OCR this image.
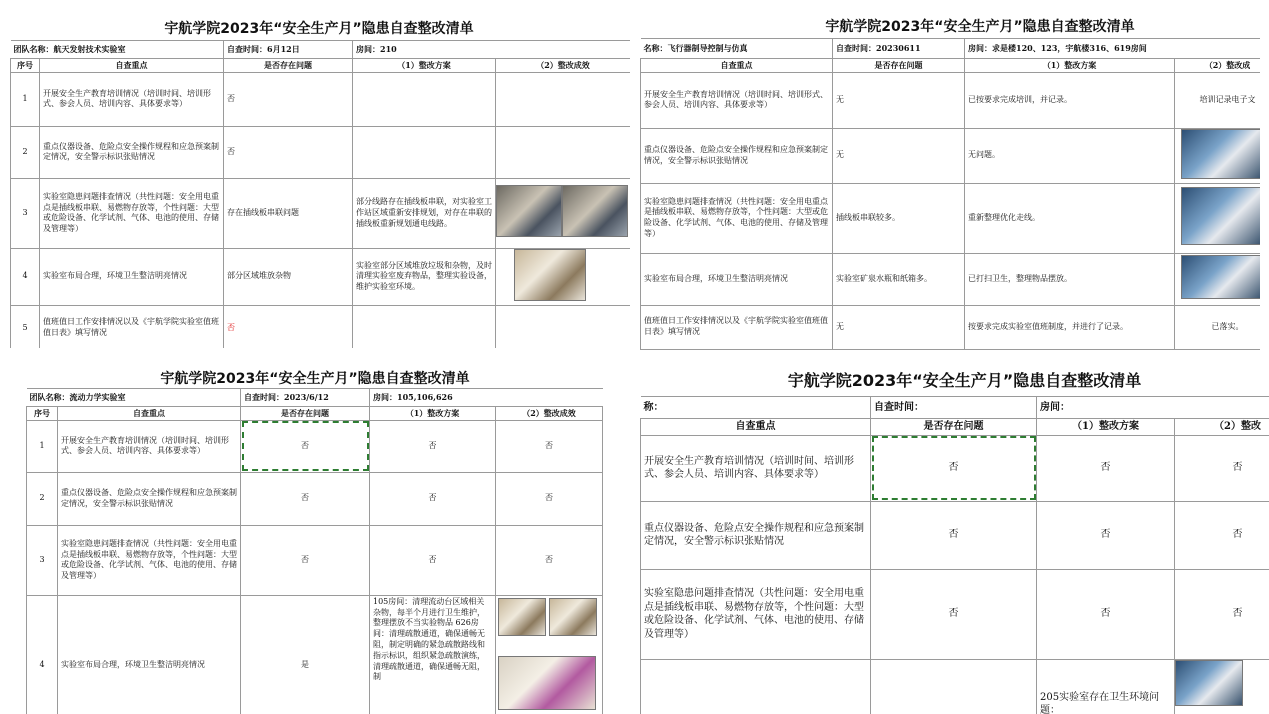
宇航学院2023年“安全生产月”隐患自查整改清单
团队名称：航天发射技术实验室		自查时间：6月12日	房间：210	
序号	自查重点	是否存在问题	（1）整改方案	（2）整改成效
1	开展安全生产教育培训情况（培训时间、培训形式、参会人员、培训内容、具体要求等）	否		
2	重点仪器设备、危险点安全操作规程和应急预案制定情况，安全警示标识张贴情况	否		
3	实验室隐患问题排查情况（共性问题：安全用电重点是插线板串联、易燃物存放等，个性问题：大型或危险设备、化学试剂、气体、电池的使用、存储及管理等）	存在插线板串联问题	部分线路存在插线板串联，对实验室工作站区域重新安排规划，对存在串联的插线板重新规划通电线路。	
4	实验室布局合理，环境卫生整洁明亮情况	部分区域堆放杂物	实验室部分区域堆放垃圾和杂物，及时清理实验室废弃物品，整理实验设备，维护实验室环境。	
5	值班值日工作安排情况以及《宇航学院实验室值班值日表》填写情况	否		
宇航学院2023年“安全生产月”隐患自查整改清单
名称：飞行器制导控制与仿真	自查时间：20230611	房间：求是楼120、123，宇航楼316、619房间	
自查重点	是否存在问题	（1）整改方案	（2）整改成
开展安全生产教育培训情况（培训时间、培训形式、参会人员、培训内容、具体要求等）	无	已按要求完成培训，并记录。	培训记录电子文
重点仪器设备、危险点安全操作规程和应急预案制定情况，安全警示标识张贴情况	无	无问题。	
实验室隐患问题排查情况（共性问题：安全用电重点是插线板串联、易燃物存放等，个性问题：大型或危险设备、化学试剂、气体、电池的使用、存储及管理等）	插线板串联较多。	重新整理优化走线。	
实验室布局合理，环境卫生整洁明亮情况	实验室矿泉水瓶和纸箱多。	已打扫卫生，整理物品摆放。	
值班值日工作安排情况以及《宇航学院实验室值班值日表》填写情况	无	按要求完成实验室值班制度，并进行了记录。	已落实。
宇航学院2023年“安全生产月”隐患自查整改清单
团队名称：流动力学实验室		自查时间：2023/6/12	房间：105,106,626	
序号	自查重点	是否存在问题	（1）整改方案	（2）整改成效
1	开展安全生产教育培训情况（培训时间、培训形式、参会人员、培训内容、具体要求等）	否	否	否
2	重点仪器设备、危险点安全操作规程和应急预案制定情况，安全警示标识张贴情况	否	否	否
3	实验室隐患问题排查情况（共性问题：安全用电重点是插线板串联、易燃物存放等，个性问题：大型或危险设备、化学试剂、气体、电池的使用、存储及管理等）	否	否	否
4	实验室布局合理，环境卫生整洁明亮情况	是	105房间：清理流动台区域相关杂物，每半个月进行卫生维护，整理摆放不当实验物品 626房间：清理疏散通道，确保通畅无阻，制定明确的紧急疏散路线和指示标识，组织紧急疏散演练，清理疏散通道，确保通畅无阻，制	
宇航学院2023年“安全生产月”隐患自查整改清单
称：	自查时间：	房间：	
自查重点	是否存在问题	（1）整改方案	（2）整改
开展安全生产教育培训情况（培训时间、培训形式、参会人员、培训内容、具体要求等）	否	否	否
重点仪器设备、危险点安全操作规程和应急预案制定情况，安全警示标识张贴情况	否	否	否
实验室隐患问题排查情况（共性问题：安全用电重点是插线板串联、易燃物存放等，个性问题：大型或危险设备、化学试剂、气体、电池的使用、存储及管理等）	否	否	否
		205实验室存在卫生环境问题：	
